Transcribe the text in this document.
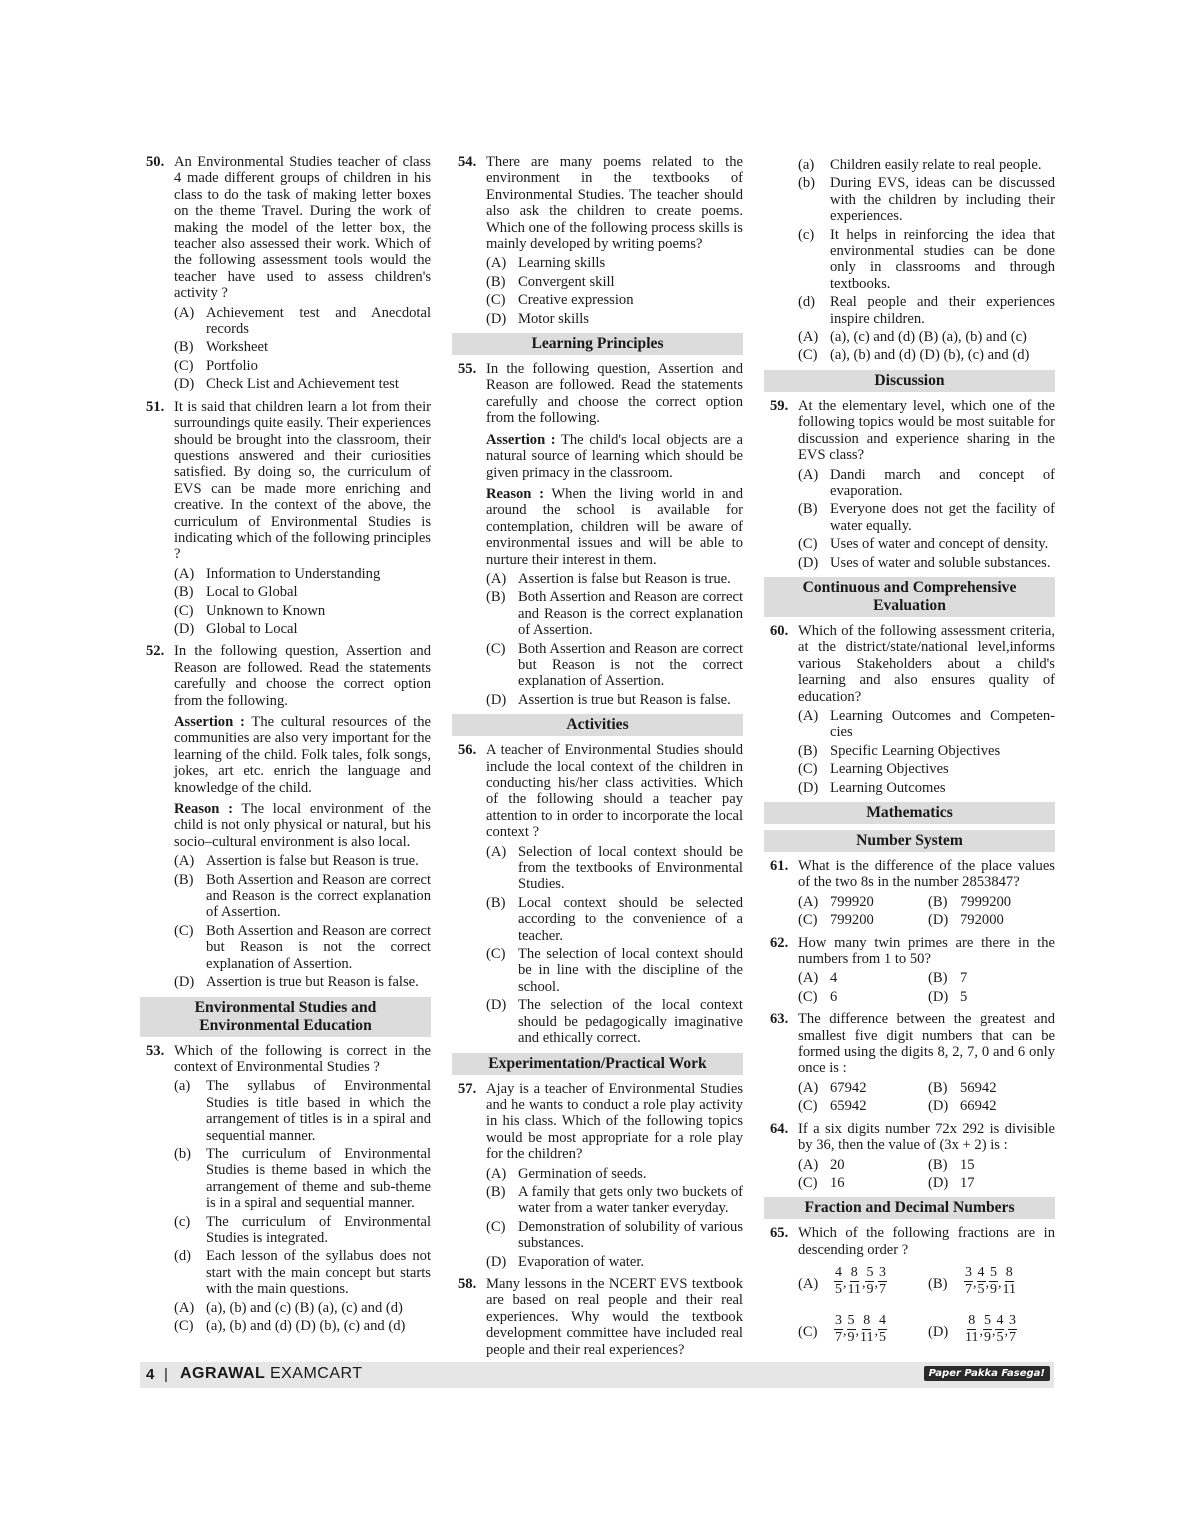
50. An Environmental Studies teacher of class 4 made different groups of children in his class to do the task of making letter boxes on the theme Travel. During the work of making the model of the letter box, the teacher also assessed their work. Which of the following assessment tools would the teacher have used to assess children's activity ?
(A) Achievement test and Anecdotal records
(B) Worksheet
(C) Portfolio
(D) Check List and Achievement test
51. It is said that children learn a lot from their surroundings quite easily. Their experiences should be brought into the classroom, their questions answered and their curiosities satisfied. By doing so, the curriculum of EVS can be made more enriching and creative. In the context of the above, the curriculum of Environmental Studies is indicating which of the following principles ?
(A) Information to Understanding
(B) Local to Global
(C) Unknown to Known
(D) Global to Local
52. In the following question, Assertion and Reason are followed. Read the statements carefully and choose the correct option from the following.
Assertion : The cultural resources of the communities are also very important for the learning of the child. Folk tales, folk songs, jokes, art etc. enrich the language and knowledge of the child.
Reason : The local environment of the child is not only physical or natural, but his socio–cultural environment is also local.
(A) Assertion is false but Reason is true.
(B) Both Assertion and Reason are correct and Reason is the correct explanation of Assertion.
(C) Both Assertion and Reason are correct but Reason is not the correct explanation of Assertion.
(D) Assertion is true but Reason is false.
Environmental Studies and Environmental Education
53. Which of the following is correct in the context of Environmental Studies ?
(a) The syllabus of Environmental Studies is title based in which the arrangement of titles is in a spiral and sequential manner.
(b) The curriculum of Environmental Studies is theme based in which the arrangement of theme and sub-theme is in a spiral and sequential manner.
(c) The curriculum of Environmental Studies is integrated.
(d) Each lesson of the syllabus does not start with the main concept but starts with the main questions.
(A) (a), (b) and (c) (B) (a), (c) and (d)
(C) (a), (b) and (d) (D) (b), (c) and (d)
54. There are many poems related to the environment in the textbooks of Environmental Studies. The teacher should also ask the children to create poems. Which one of the following process skills is mainly developed by writing poems?
(A) Learning skills
(B) Convergent skill
(C) Creative expression
(D) Motor skills
Learning Principles
55. In the following question, Assertion and Reason are followed. Read the statements carefully and choose the correct option from the following.
Assertion : The child's local objects are a natural source of learning which should be given primacy in the classroom.
Reason : When the living world in and around the school is available for contemplation, children will be aware of environmental issues and will be able to nurture their interest in them.
(A) Assertion is false but Reason is true.
(B) Both Assertion and Reason are correct and Reason is the correct explanation of Assertion.
(C) Both Assertion and Reason are correct but Reason is not the correct explanation of Assertion.
(D) Assertion is true but Reason is false.
Activities
56. A teacher of Environmental Studies should include the local context of the children in conducting his/her class activities. Which of the following should a teacher pay attention to in order to incorporate the local context ?
(A) Selection of local context should be from the textbooks of Environmental Studies.
(B) Local context should be selected according to the convenience of a teacher.
(C) The selection of local context should be in line with the discipline of the school.
(D) The selection of the local context should be pedagogically imaginative and ethically correct.
Experimentation/Practical Work
57. Ajay is a teacher of Environmental Studies and he wants to conduct a role play activity in his class. Which of the following topics would be most appropriate for a role play for the children?
(A) Germination of seeds.
(B) A family that gets only two buckets of water from a water tanker everyday.
(C) Demonstration of solubility of various substances.
(D) Evaporation of water.
58. Many lessons in the NCERT EVS textbook are based on real people and their real experiences. Why would the textbook development committee have included real people and their real experiences?
(a) Children easily relate to real people.
(b) During EVS, ideas can be discussed with the children by including their experiences.
(c) It helps in reinforcing the idea that environmental studies can be done only in classrooms and through textbooks.
(d) Real people and their experiences inspire children.
(A) (a), (c) and (d) (B) (a), (b) and (c)
(C) (a), (b) and (d) (D) (b), (c) and (d)
Discussion
59. At the elementary level, which one of the following topics would be most suitable for discussion and experience sharing in the EVS class?
(A) Dandi march and concept of evaporation.
(B) Everyone does not get the facility of water equally.
(C) Uses of water and concept of density.
(D) Uses of water and soluble substances.
Continuous and Comprehensive Evaluation
60. Which of the following assessment criteria, at the district/state/national level,informs various Stakeholders about a child's learning and also ensures quality of education?
(A) Learning Outcomes and Competen-cies
(B) Specific Learning Objectives
(C) Learning Objectives
(D) Learning Outcomes
Mathematics
Number System
61. What is the difference of the place values of the two 8s in the number 2853847?
(A) 799920	(B) 7999200
(C) 799200	(D) 792000
62. How many twin primes are there in the numbers from 1 to 50?
(A) 4	(B) 7
(C) 6	(D) 5
63. The difference between the greatest and smallest five digit numbers that can be formed using the digits 8, 2, 7, 0 and 6 only once is :
(A) 67942	(B) 56942
(C) 65942	(D) 66942
64. If a six digits number 72x 292 is divisible by 36, then the value of (3x + 2) is :
(A) 20	(B) 15
(C) 16	(D) 17
Fraction and Decimal Numbers
65. Which of the following fractions are in descending order ?
$(A) \frac{4}{5}$ , $\frac{8}{11}$ , $\frac{5}{9}$ , $\frac{3}{7}$	$(B) \frac{3}{7}$ , $\frac{4}{5}$ , $\frac{5}{9}$ , $\frac{8}{11}$
$(C) \frac{3}{7}$ , $\frac{5}{9}$ , $\frac{8}{11}$ , $\frac{4}{5}$	$(D) \frac{8}{11}$ , $\frac{5}{9}$ , $\frac{4}{5}$ , $\frac{3}{7}$
4 | AGRAWAL EXAMCART	Paper Pakka Fasega!
